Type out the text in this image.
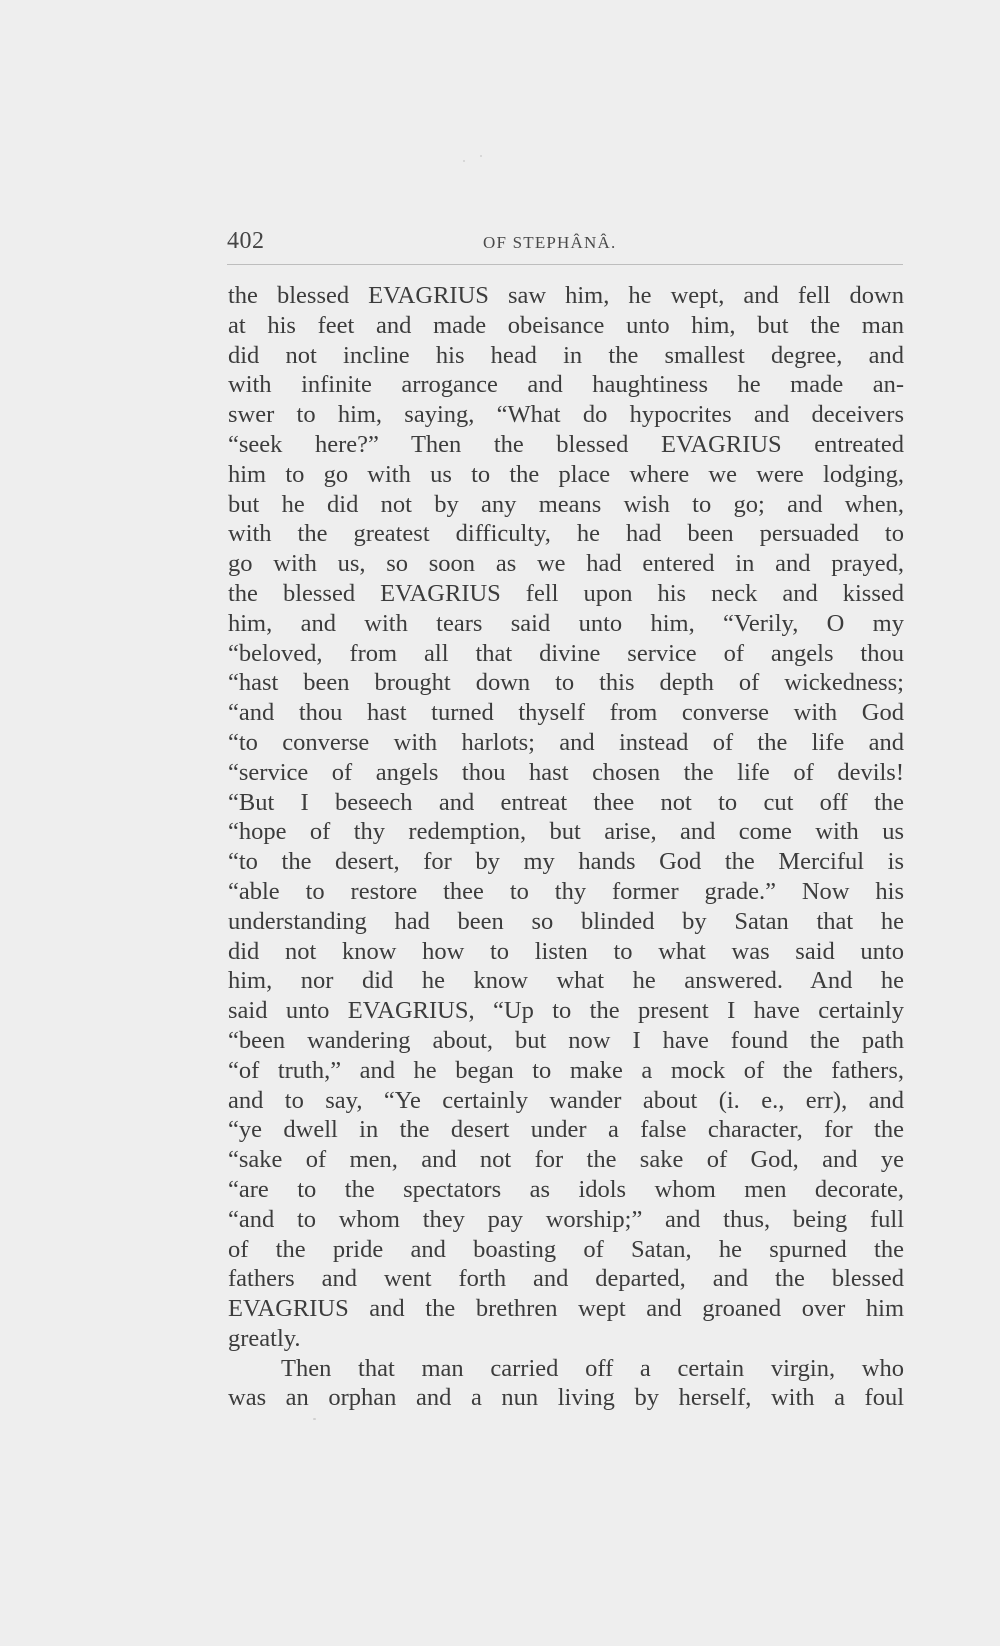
402	OF STEPHÂNÂ.
the blessed EVAGRIUS saw him, he wept, and fell down
at his feet and made obeisance unto him, but the man
did not incline his head in the smallest degree, and
with infinite arrogance and haughtiness he made an-
swer to him, saying, “What do hypocrites and deceivers
“seek here?” Then the blessed EVAGRIUS entreated
him to go with us to the place where we were lodging,
but he did not by any means wish to go; and when,
with the greatest difficulty, he had been persuaded to
go with us, so soon as we had entered in and prayed,
the blessed EVAGRIUS fell upon his neck and kissed
him, and with tears said unto him, “Verily, O my
“beloved, from all that divine service of angels thou
“hast been brought down to this depth of wickedness;
“and thou hast turned thyself from converse with God
“to converse with harlots; and instead of the life and
“service of angels thou hast chosen the life of devils!
“But I beseech and entreat thee not to cut off the
“hope of thy redemption, but arise, and come with us
“to the desert, for by my hands God the Merciful is
“able to restore thee to thy former grade.” Now his
understanding had been so blinded by Satan that he
did not know how to listen to what was said unto
him, nor did he know what he answered. And he
said unto EVAGRIUS, “Up to the present I have certainly
“been wandering about, but now I have found the path
“of truth,” and he began to make a mock of the fathers,
and to say, “Ye certainly wander about (i. e., err), and
“ye dwell in the desert under a false character, for the
“sake of men, and not for the sake of God, and ye
“are to the spectators as idols whom men decorate,
“and to whom they pay worship;” and thus, being full
of the pride and boasting of Satan, he spurned the
fathers and went forth and departed, and the blessed
EVAGRIUS and the brethren wept and groaned over him
greatly.
Then that man carried off a certain virgin, who
was an orphan and a nun living by herself, with a foul
